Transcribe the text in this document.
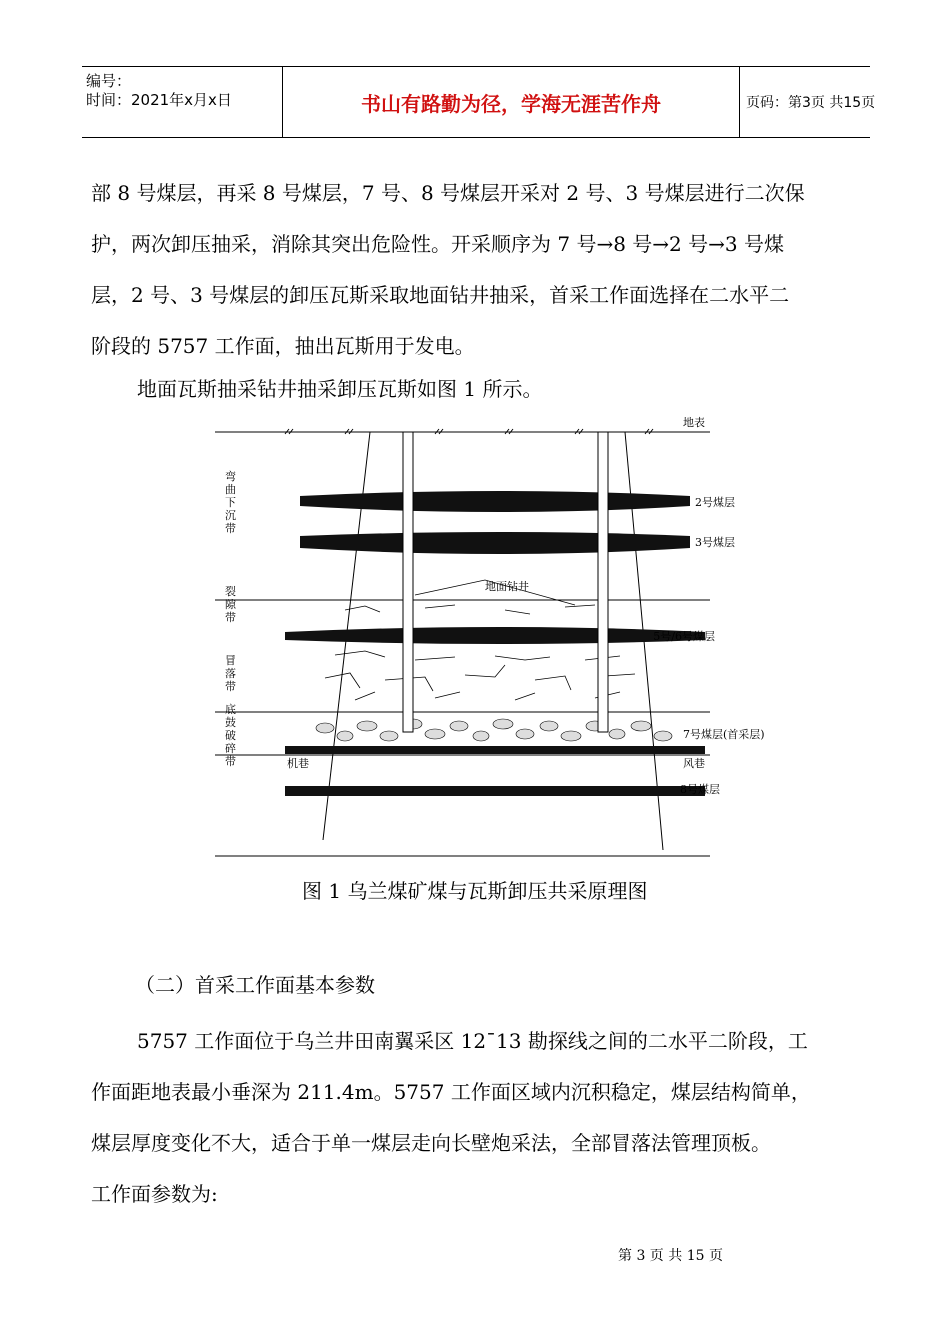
编号：
时间：2021年x月x日	书山有路勤为径，学海无涯苦作舟	页码：第3页 共15页
部 8 号煤层，再采 8 号煤层，7 号、8 号煤层开采对 2 号、3 号煤层进行二次保
护，两次卸压抽采，消除其突出危险性。开采顺序为 7 号→8 号→2 号→3 号煤
层，2 号、3 号煤层的卸压瓦斯采取地面钻井抽采，首采工作面选择在二水平二
阶段的 5757 工作面，抽出瓦斯用于发电。
地面瓦斯抽采钻井抽采卸压瓦斯如图 1 所示。
地表
2号煤层
3号煤层
地面钻井
5号/6号煤层
7号煤层(首采层)
8号煤层
机巷	风巷
弯曲下沉带
裂隙带
冒落带
底鼓破碎带
图 1 乌兰煤矿煤与瓦斯卸压共采原理图
（二）首采工作面基本参数
5757 工作面位于乌兰井田南翼采区 12¯13 勘探线之间的二水平二阶段，工
作面距地表最小垂深为 211.4m。5757 工作面区域内沉积稳定，煤层结构简单，
煤层厚度变化不大，适合于单一煤层走向长壁炮采法，全部冒落法管理顶板。
工作面参数为:
第 3 页 共 15 页
